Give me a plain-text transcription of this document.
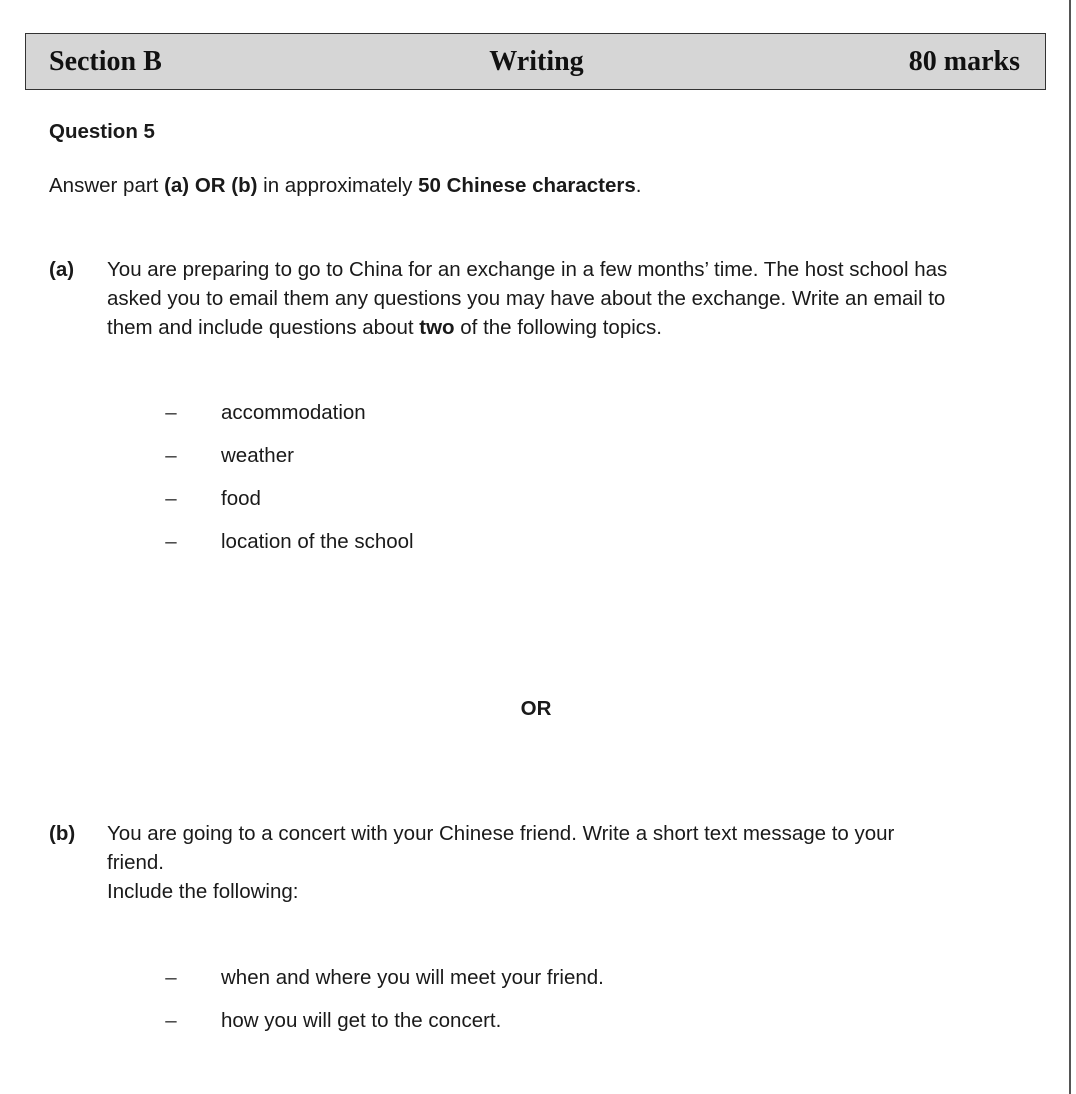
Section B	Writing	80 marks
Question 5
Answer part (a) OR (b) in approximately 50 Chinese characters.
(a) You are preparing to go to China for an exchange in a few months’ time. The host school has
asked you to email them any questions you may have about the exchange. Write an email to
them and include questions about two of the following topics.
– accommodation
– weather
– food
– location of the school
OR
(b) You are going to a concert with your Chinese friend. Write a short text message to your
friend.
Include the following:
– when and where you will meet your friend.
– how you will get to the concert.
